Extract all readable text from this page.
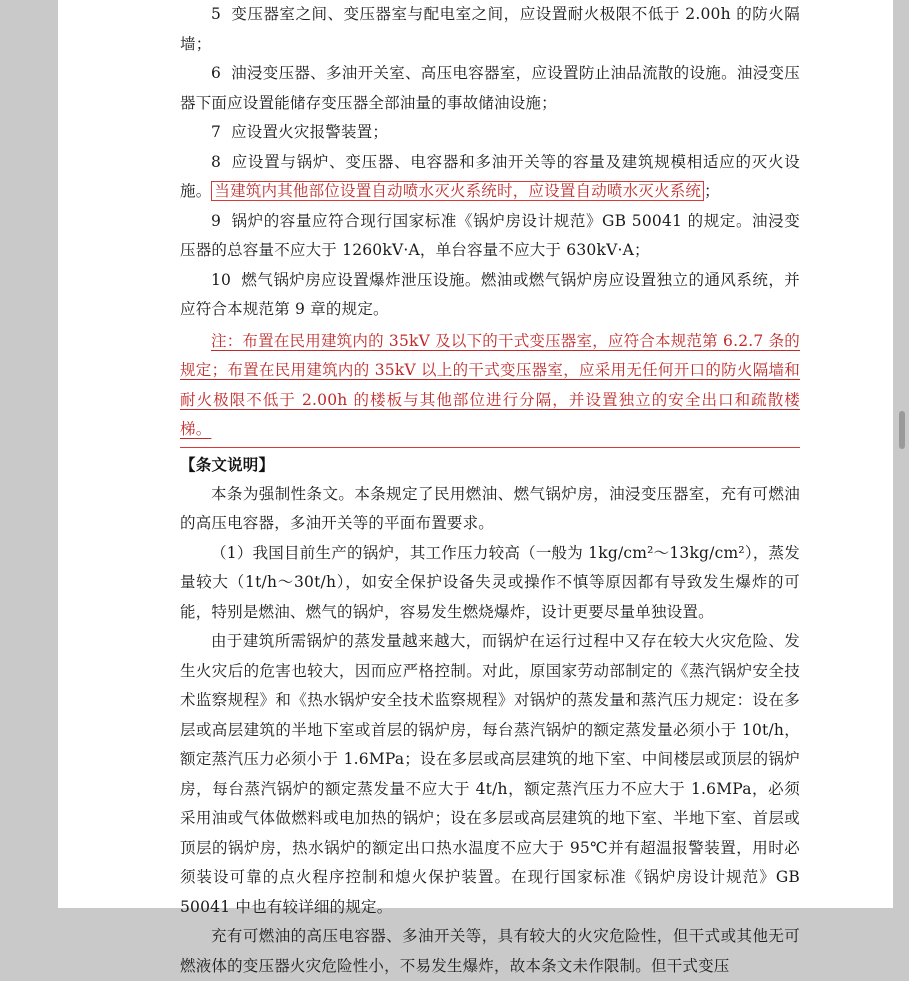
5 变压器室之间、变压器室与配电室之间，应设置耐火极限不低于 2.00h 的防火隔墙；

6 油浸变压器、多油开关室、高压电容器室，应设置防止油品流散的设施。油浸变压器下面应设置能储存变压器全部油量的事故储油设施；

7 应设置火灾报警装置；

8 应设置与锅炉、变压器、电容器和多油开关等的容量及建筑规模相适应的灭火设施。 当建筑内其他部位设置自动喷水灭火系统时，应设置自动喷水灭火系统 ；

9 锅炉的容量应符合现行国家标准《锅炉房设计规范》GB 50041 的规定。油浸变压器的总容量不应大于 1260kV·A，单台容量不应大于 630kV·A；

10 燃气锅炉房应设置爆炸泄压设施。燃油或燃气锅炉房应设置独立的通风系统，并应符合本规范第 9 章的规定。

注：布置在民用建筑内的 35kV 及以下的干式变压器室，应符合本规范第 6.2.7 条的规定；布置在民用建筑内的 35kV 以上的干式变压器室，应采用无任何开口的防火隔墙和耐火极限不低于 2.00h 的楼板与其他部位进行分隔，并设置独立的安全出口和疏散楼梯。

【条文说明】

本条为强制性条文。本条规定了民用燃油、燃气锅炉房，油浸变压器室，充有可燃油的高压电容器，多油开关等的平面布置要求。

（1）我国目前生产的锅炉，其工作压力较高（一般为 1kg/cm²～13kg/cm²），蒸发量较大（1t/h～30t/h），如安全保护设备失灵或操作不慎等原因都有导致发生爆炸的可能，特别是燃油、燃气的锅炉，容易发生燃烧爆炸，设计更要尽量单独设置。

由于建筑所需锅炉的蒸发量越来越大，而锅炉在运行过程中又存在较大火灾危险、发生火灾后的危害也较大，因而应严格控制。对此，原国家劳动部制定的《蒸汽锅炉安全技术监察规程》和《热水锅炉安全技术监察规程》对锅炉的蒸发量和蒸汽压力规定：设在多层或高层建筑的半地下室或首层的锅炉房，每台蒸汽锅炉的额定蒸发量必须小于 10t/h，额定蒸汽压力必须小于 1.6MPa；设在多层或高层建筑的地下室、中间楼层或顶层的锅炉房，每台蒸汽锅炉的额定蒸发量不应大于 4t/h，额定蒸汽压力不应大于 1.6MPa，必须采用油或气体做燃料或电加热的锅炉；设在多层或高层建筑的地下室、半地下室、首层或顶层的锅炉房，热水锅炉的额定出口热水温度不应大于 95℃并有超温报警装置，用时必须装设可靠的点火程序控制和熄火保护装置。在现行国家标准《锅炉房设计规范》GB 50041 中也有较详细的规定。

充有可燃油的高压电容器、多油开关等，具有较大的火灾危险性，但干式或其他无可燃液体的变压器火灾危险性小，不易发生爆炸，故本条文未作限制。但干式变压
